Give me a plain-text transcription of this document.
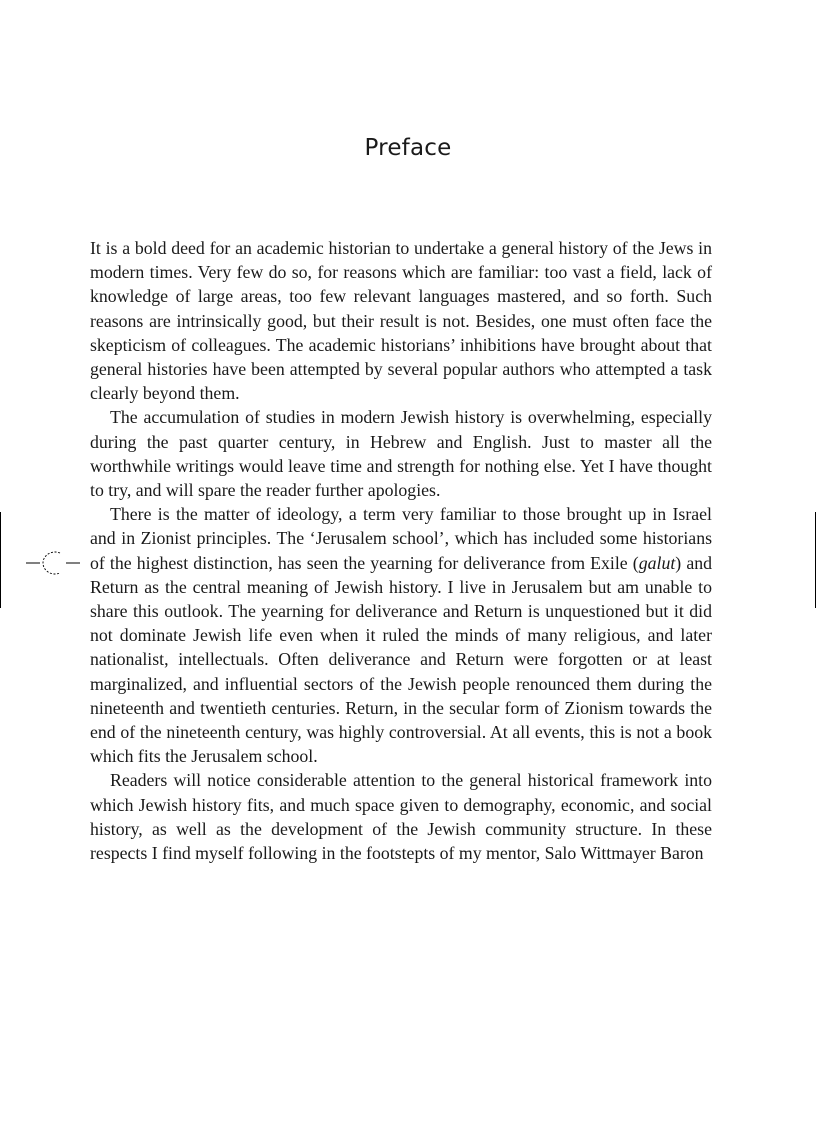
Preface

It is a bold deed for an academic historian to undertake a general history of the Jews in modern times. Very few do so, for reasons which are familiar: too vast a field, lack of knowledge of large areas, too few relevant languages mastered, and so forth. Such reasons are intrinsically good, but their result is not. Besides, one must often face the skepticism of colleagues. The academic historians’ inhibitions have brought about that general histories have been attempted by several popular authors who attempted a task clearly beyond them.

The accumulation of studies in modern Jewish history is overwhelming, especially during the past quarter century, in Hebrew and English. Just to master all the worthwhile writings would leave time and strength for nothing else. Yet I have thought to try, and will spare the reader further apologies.

There is the matter of ideology, a term very familiar to those brought up in Israel and in Zionist principles. The ‘Jerusalem school’, which has included some historians of the highest distinction, has seen the yearning for deliverance from Exile (galut) and Return as the central meaning of Jewish history. I live in Jerusalem but am unable to share this outlook. The yearning for deliverance and Return is unquestioned but it did not dominate Jewish life even when it ruled the minds of many religious, and later nationalist, intellectuals. Often deliverance and Return were forgotten or at least marginalized, and influential sectors of the Jewish people renounced them during the nineteenth and twentieth centuries. Return, in the secular form of Zionism towards the end of the nineteenth century, was highly controversial. At all events, this is not a book which fits the Jerusalem school.

Readers will notice considerable attention to the general historical framework into which Jewish history fits, and much space given to demography, economic, and social history, as well as the development of the Jewish community structure. In these respects I find myself following in the footstepts of my mentor, Salo Wittmayer Baron
